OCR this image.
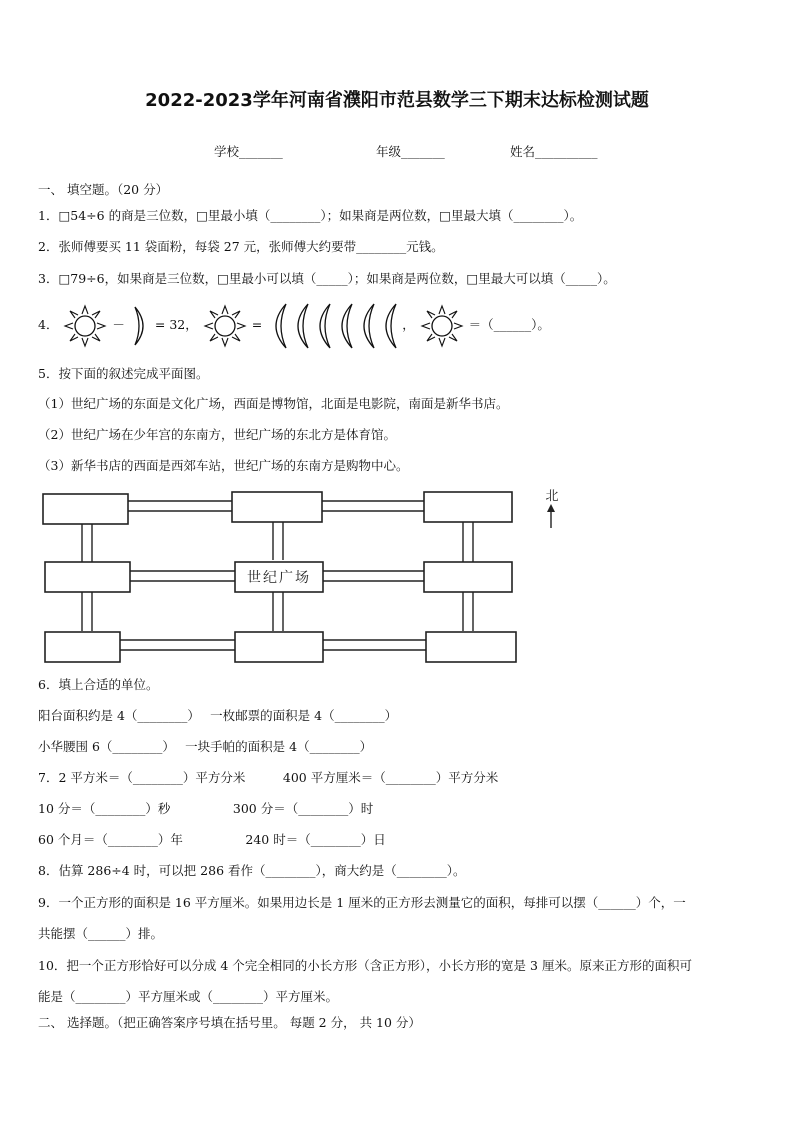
2022-2023学年河南省濮阳市范县数学三下期末达标检测试题
学校_______	年级_______	姓名__________
一、 填空题。（20 分）
1．□54÷6 的商是三位数，□里最小填（________）；如果商是两位数，□里最大填（________）。
2．张师傅要买 11 袋面粉，每袋 27 元，张师傅大约要带________元钱。
3．□79÷6，如果商是三位数，□里最小可以填（_____）；如果商是两位数，□里最大可以填（_____）。
4．	－ = 32，	=	，	＝（______）。
5．按下面的叙述完成平面图。
（1）世纪广场的东面是文化广场，西面是博物馆，北面是电影院，南面是新华书店。
（2）世纪广场在少年宫的东南方，世纪广场的东北方是体育馆。
（3）新华书店的西面是西郊车站，世纪广场的东南方是购物中心。
世纪广场
北
6．填上合适的单位。
阳台面积约是 4（________）　 一枚邮票的面积是 4（________）
小华腰围 6（________）　 一块手帕的面积是 4（________）
7．2 平方米＝（________）平方分米　　　400 平方厘米＝（________）平方分米
10 分＝（________）秒　　　　　300 分＝（________）时
60 个月＝（________）年　　　　　240 时＝（________）日
8．估算 286÷4 时，可以把 286 看作（________），商大约是（________）。
9．一个正方形的面积是 16 平方厘米。如果用边长是 1 厘米的正方形去测量它的面积，每排可以摆（______）个，一
共能摆（______）排。
10．把一个正方形恰好可以分成 4 个完全相同的小长方形（含正方形），小长方形的宽是 3 厘米。原来正方形的面积可
能是（________）平方厘米或（________）平方厘米。
二、 选择题。（把正确答案序号填在括号里。 每题 2 分， 共 10 分）
